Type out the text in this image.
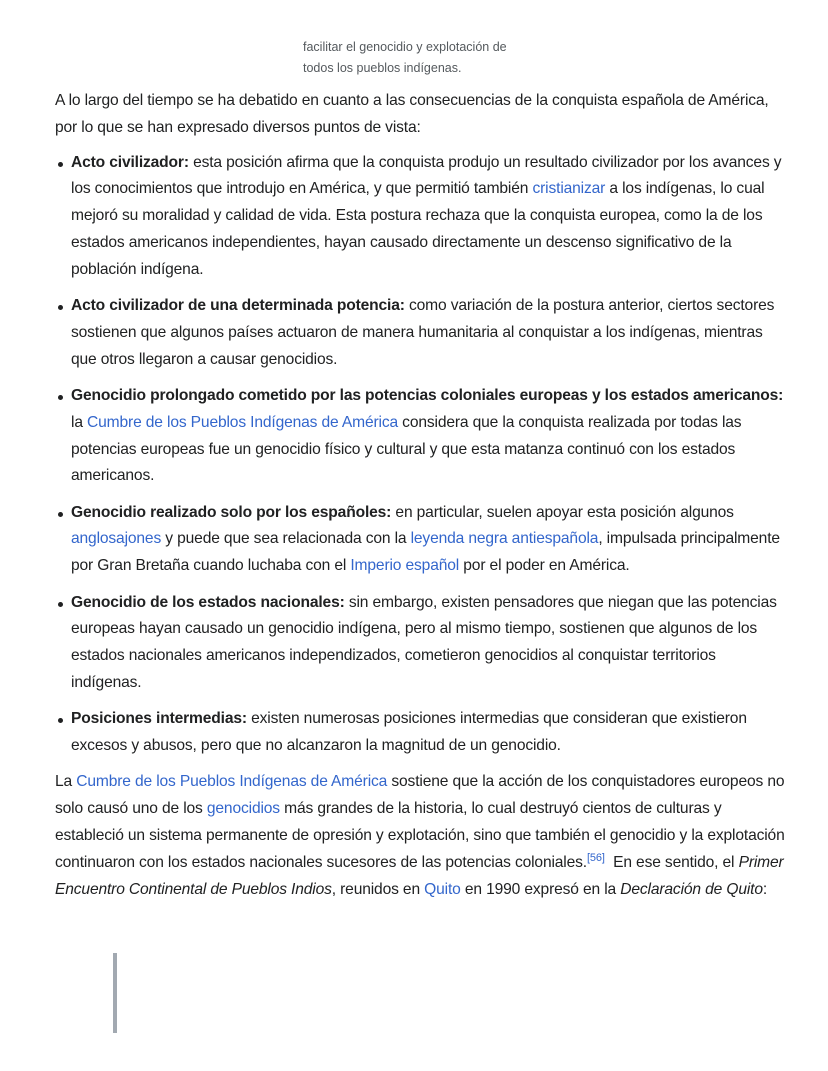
facilitar el genocidio y explotación de
todos los pueblos indígenas.

A lo largo del tiempo se ha debatido en cuanto a las consecuencias de la conquista española de América, por lo que se han expresado diversos puntos de vista:

Acto civilizador: esta posición afirma que la conquista produjo un resultado civilizador por los avances y los conocimientos que introdujo en América, y que permitió también cristianizar a los indígenas, lo cual mejoró su moralidad y calidad de vida. Esta postura rechaza que la conquista europea, como la de los estados americanos independientes, hayan causado directamente un descenso significativo de la población indígena.
Acto civilizador de una determinada potencia: como variación de la postura anterior, ciertos sectores sostienen que algunos países actuaron de manera humanitaria al conquistar a los indígenas, mientras que otros llegaron a causar genocidios.
Genocidio prolongado cometido por las potencias coloniales europeas y los estados americanos: la Cumbre de los Pueblos Indígenas de América considera que la conquista realizada por todas las potencias europeas fue un genocidio físico y cultural y que esta matanza continuó con los estados americanos.
Genocidio realizado solo por los españoles: en particular, suelen apoyar esta posición algunos anglosajones y puede que sea relacionada con la leyenda negra antiespañola, impulsada principalmente por Gran Bretaña cuando luchaba con el Imperio español por el poder en América.
Genocidio de los estados nacionales: sin embargo, existen pensadores que niegan que las potencias europeas hayan causado un genocidio indígena, pero al mismo tiempo, sostienen que algunos de los estados nacionales americanos independizados, cometieron genocidios al conquistar territorios indígenas.
Posiciones intermedias: existen numerosas posiciones intermedias que consideran que existieron excesos y abusos, pero que no alcanzaron la magnitud de un genocidio.

La Cumbre de los Pueblos Indígenas de América sostiene que la acción de los conquistadores europeos no solo causó uno de los genocidios más grandes de la historia, lo cual destruyó cientos de culturas y estableció un sistema permanente de opresión y explotación, sino que también el genocidio y la explotación continuaron con los estados nacionales sucesores de las potencias coloniales.[56]  En ese sentido, el Primer Encuentro Continental de Pueblos Indios, reunidos en Quito en 1990 expresó en la Declaración de Quito:
